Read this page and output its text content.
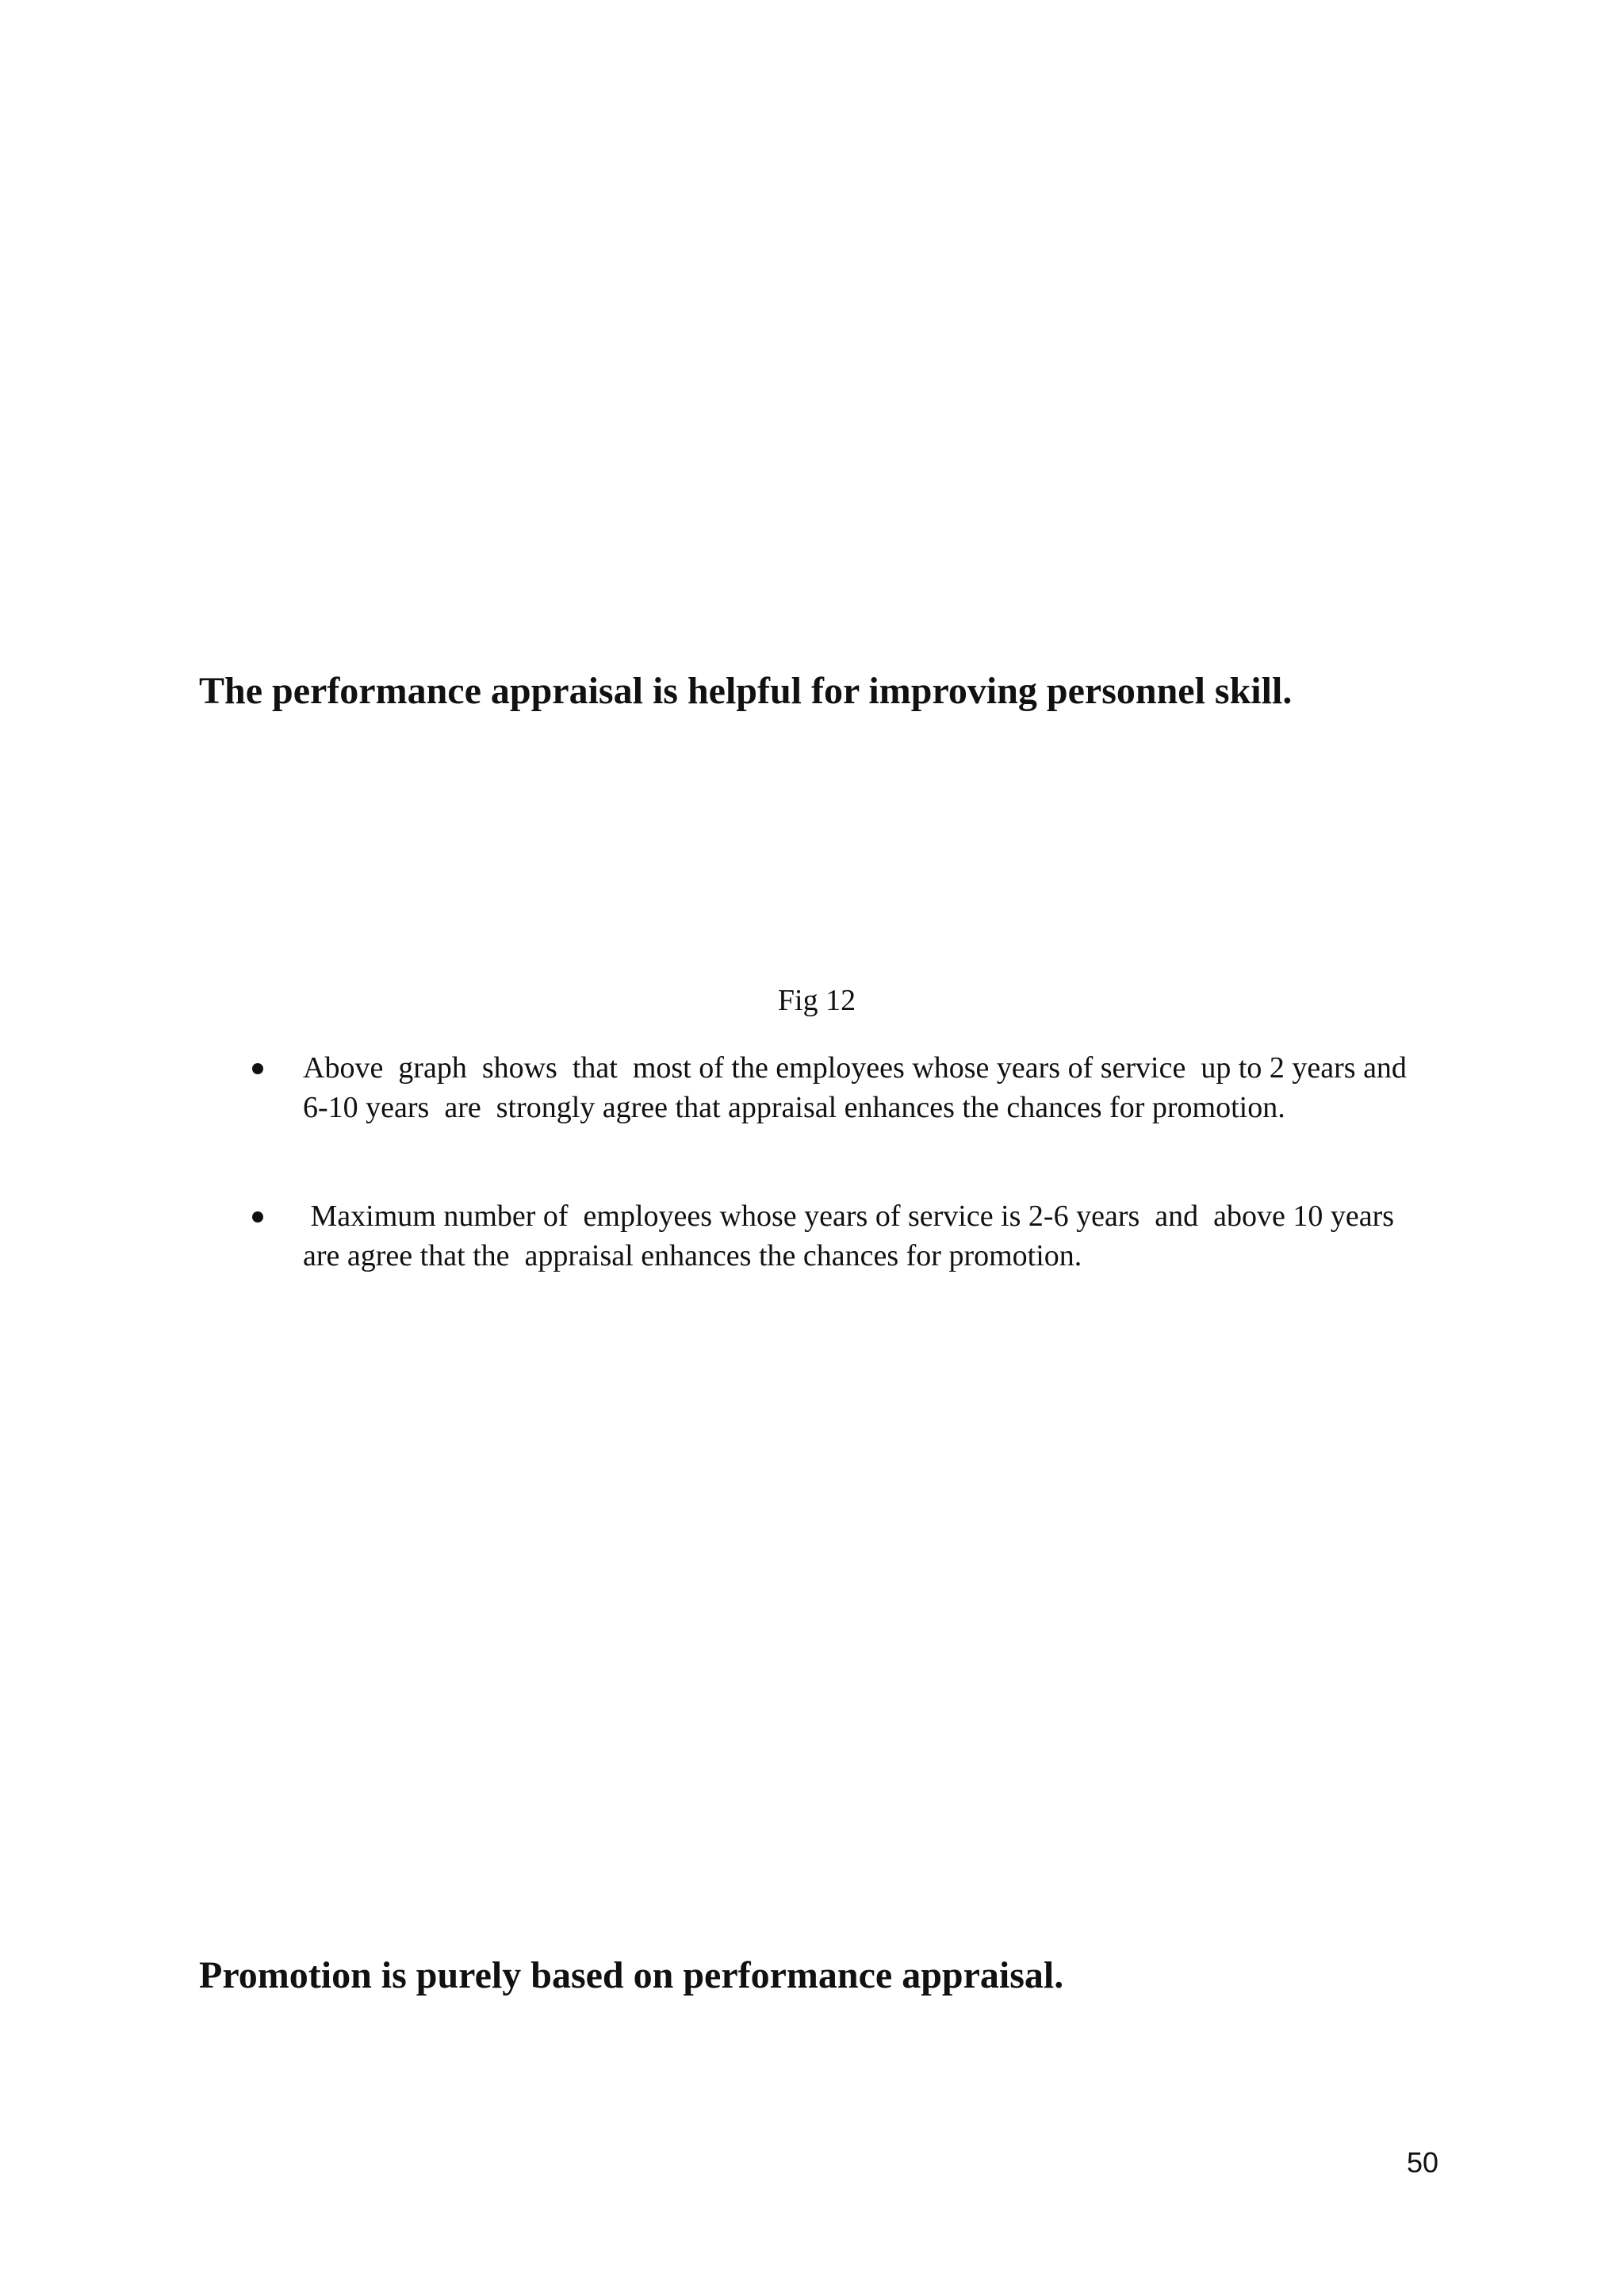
The performance appraisal is helpful for improving personnel skill.

Fig 12

Above  graph  shows  that  most of the employees whose years of service  up to 2 years and 6-10 years  are  strongly agree that appraisal enhances the chances for promotion.
Maximum number of  employees whose years of service is 2-6 years  and  above 10 years are agree that the  appraisal enhances the chances for promotion.
Promotion is purely based on performance appraisal.
50
